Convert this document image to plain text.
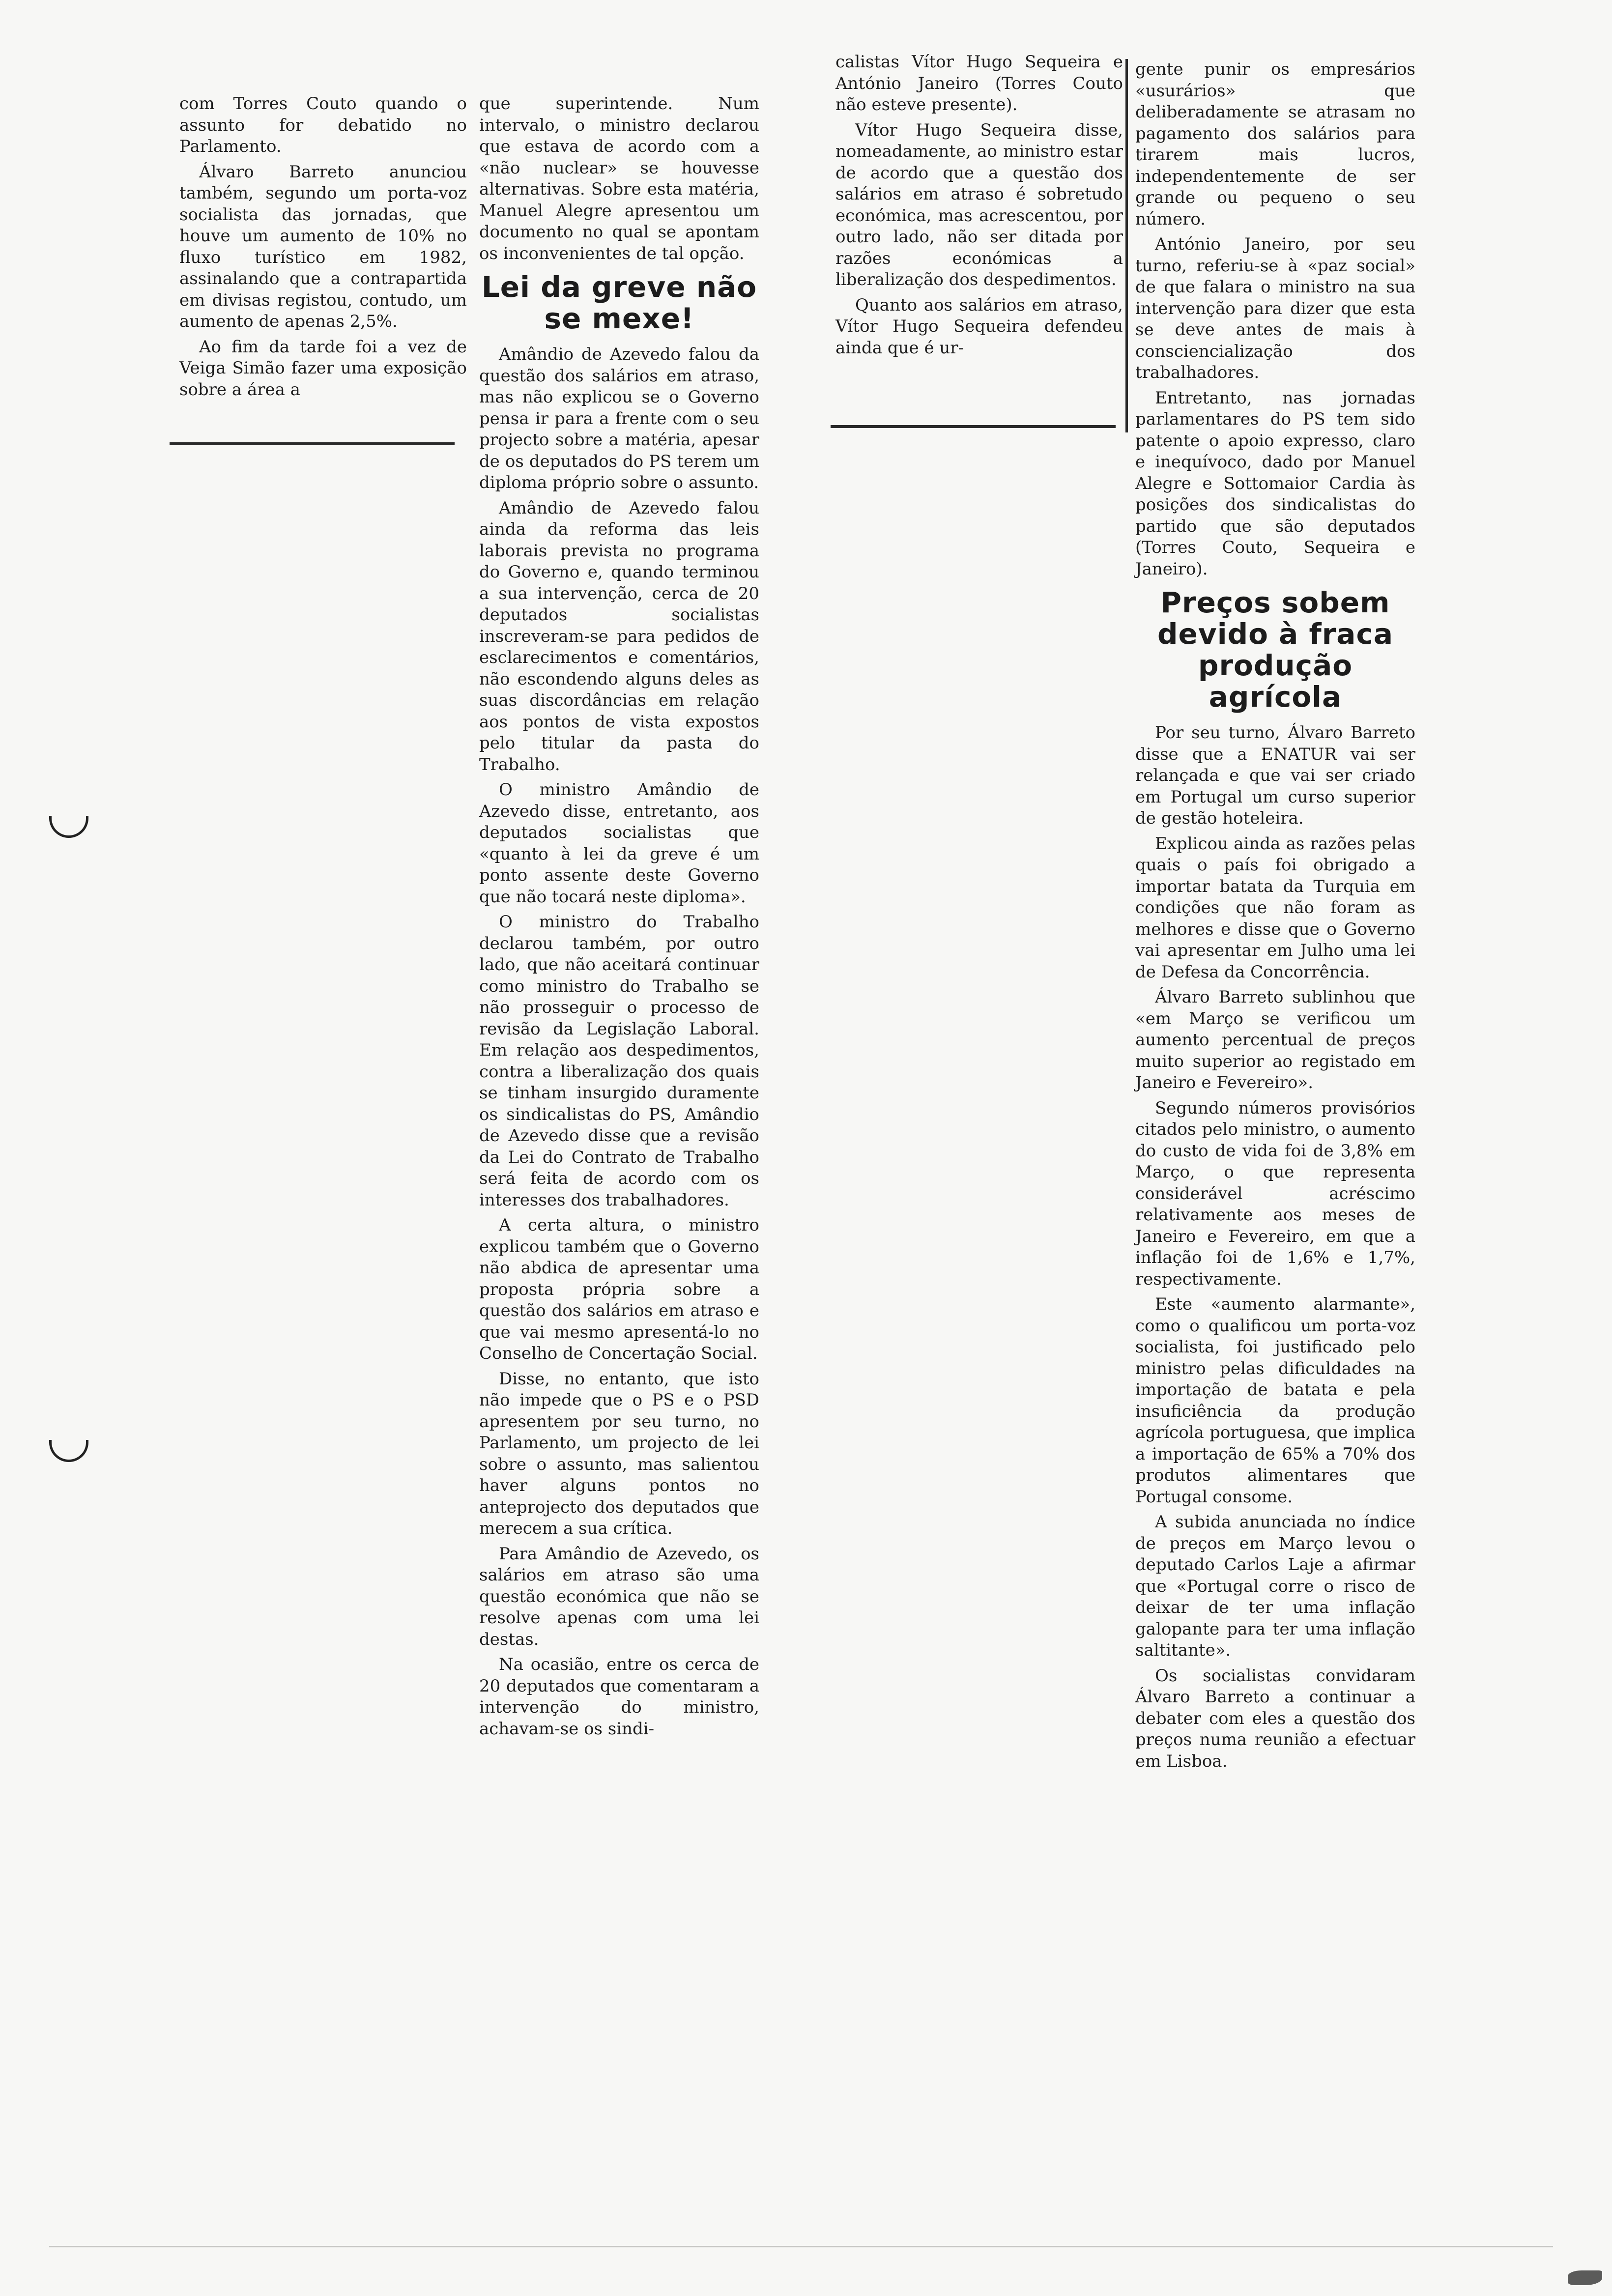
com Torres Couto quando o assunto for debatido no Parlamento.

Álvaro Barreto anunciou também, segundo um porta-voz socialista das jornadas, que houve um aumento de 10% no fluxo turístico em 1982, assinalando que a contrapartida em divisas registou, contudo, um aumento de apenas 2,5%.

Ao fim da tarde foi a vez de Veiga Simão fazer uma exposição sobre a área a

que superintende. Num intervalo, o ministro declarou que estava de acordo com a «não nuclear» se houvesse alternativas. Sobre esta matéria, Manuel Alegre apresentou um documento no qual se apontam os inconvenientes de tal opção.

Lei da greve não se mexe!

Amândio de Azevedo falou da questão dos salários em atraso, mas não explicou se o Governo pensa ir para a frente com o seu projecto sobre a matéria, apesar de os deputados do PS terem um diploma próprio sobre o assunto.

Amândio de Azevedo falou ainda da reforma das leis laborais prevista no programa do Governo e, quando terminou a sua intervenção, cerca de 20 deputados socialistas inscreveram-se para pedidos de esclarecimentos e comentários, não escondendo alguns deles as suas discordâncias em relação aos pontos de vista expostos pelo titular da pasta do Trabalho.

O ministro Amândio de Azevedo disse, entretanto, aos deputados socialistas que «quanto à lei da greve é um ponto assente deste Governo que não tocará neste diploma».

O ministro do Trabalho declarou também, por outro lado, que não aceitará continuar como ministro do Trabalho se não prosseguir o processo de revisão da Legislação Laboral. Em relação aos despedimentos, contra a liberalização dos quais se tinham insurgido duramente os sindicalistas do PS, Amândio de Azevedo disse que a revisão da Lei do Contrato de Trabalho será feita de acordo com os interesses dos trabalhadores.

A certa altura, o ministro explicou também que o Governo não abdica de apresentar uma proposta própria sobre a questão dos salários em atraso e que vai mesmo apresentá-lo no Conselho de Concertação Social.

Disse, no entanto, que isto não impede que o PS e o PSD apresentem por seu turno, no Parlamento, um projecto de lei sobre o assunto, mas salientou haver alguns pontos no anteprojecto dos deputados que merecem a sua crítica.

Para Amândio de Azevedo, os salários em atraso são uma questão económica que não se resolve apenas com uma lei destas.

Na ocasião, entre os cerca de 20 deputados que comentaram a intervenção do ministro, achavam-se os sindi-

calistas Vítor Hugo Sequeira e António Janeiro (Torres Couto não esteve presente).

Vítor Hugo Sequeira disse, nomeadamente, ao ministro estar de acordo que a questão dos salários em atraso é sobretudo económica, mas acrescentou, por outro lado, não ser ditada por razões económicas a liberalização dos despedimentos.

Quanto aos salários em atraso, Vítor Hugo Sequeira defendeu ainda que é ur-

gente punir os empresários «usurários» que deliberadamente se atrasam no pagamento dos salários para tirarem mais lucros, independentemente de ser grande ou pequeno o seu número.

António Janeiro, por seu turno, referiu-se à «paz social» de que falara o ministro na sua intervenção para dizer que esta se deve antes de mais à consciencialização dos trabalhadores.

Entretanto, nas jornadas parlamentares do PS tem sido patente o apoio expresso, claro e inequívoco, dado por Manuel Alegre e Sottomaior Cardia às posições dos sindicalistas do partido que são deputados (Torres Couto, Sequeira e Janeiro).

Preços sobem devido à fraca produção agrícola

Por seu turno, Álvaro Barreto disse que a ENATUR vai ser relançada e que vai ser criado em Portugal um curso superior de gestão hoteleira.

Explicou ainda as razões pelas quais o país foi obrigado a importar batata da Turquia em condições que não foram as melhores e disse que o Governo vai apresentar em Julho uma lei de Defesa da Concorrência.

Álvaro Barreto sublinhou que «em Março se verificou um aumento percentual de preços muito superior ao registado em Janeiro e Fevereiro».

Segundo números provisórios citados pelo ministro, o aumento do custo de vida foi de 3,8% em Março, o que representa considerável acréscimo relativamente aos meses de Janeiro e Fevereiro, em que a inflação foi de 1,6% e 1,7%, respectivamente.

Este «aumento alarmante», como o qualificou um porta-voz socialista, foi justificado pelo ministro pelas dificuldades na importação de batata e pela insuficiência da produção agrícola portuguesa, que implica a importação de 65% a 70% dos produtos alimentares que Portugal consome.

A subida anunciada no índice de preços em Março levou o deputado Carlos Laje a afirmar que «Portugal corre o risco de deixar de ter uma inflação galopante para ter uma inflação saltitante».

Os socialistas convidaram Álvaro Barreto a continuar a debater com eles a questão dos preços numa reunião a efectuar em Lisboa.
